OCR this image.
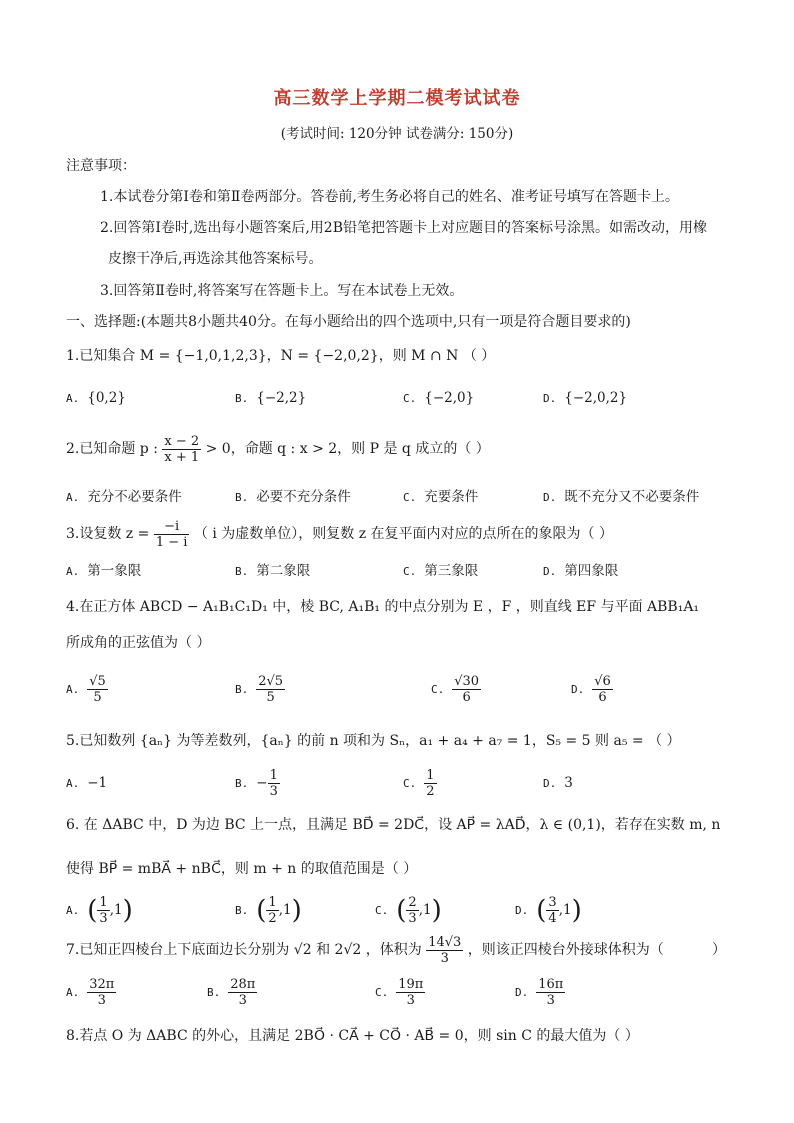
高三数学上学期二模考试试卷
(考试时间: 120分钟 试卷满分: 150分)
注意事项：
1.本试卷分第Ⅰ卷和第Ⅱ卷两部分。答卷前,考生务必将自己的姓名、准考证号填写在答题卡上。
2.回答第Ⅰ卷时,选出每小题答案后,用2B铅笔把答题卡上对应题目的答案标号涂黑。如需改动，用橡
皮擦干净后,再选涂其他答案标号。
3.回答第Ⅱ卷时,将答案写在答题卡上。写在本试卷上无效。
一、选择题:(本题共8小题共40分。在每小题给出的四个选项中,只有一项是符合题目要求的)
1.已知集合 M = {−1,0,1,2,3}，N = {−2,0,2}，则 M ∩ N （ ）
A. {0,2}	B. {−2,2}	C. {−2,0}	D. {−2,0,2}
2.已知命题 p : $\frac{x - 2}{x + 1} > 0$，命题 q : x > 2，则 P 是 q 成立的（ ）
A. 充分不必要条件	B. 必要不充分条件	C. 充要条件	D. 既不充分又不必要条件
3.设复数 $z = \frac{-i}{1 - i}$ （ i 为虚数单位），则复数 z 在复平面内对应的点所在的象限为（ ）
A. 第一象限	B. 第二象限	C. 第三象限	D. 第四象限
4.在正方体 ABCD − A₁B₁C₁D₁ 中，棱 BC, A₁B₁ 的中点分别为 E ，F ，则直线 EF 与平面 ABB₁A₁
所成角的正弦值为（ ）
A. $\frac{√5}{5}$	B. $\frac{2√5}{5}$	C. $\frac{√30}{6}$	D. $\frac{√6}{6}$
5.已知数列 {aₙ} 为等差数列，{aₙ} 的前 n 项和为 Sₙ，a₁ + a₄ + a₇ = 1，S₅ = 5 则 a₅ = （ ）
A. −1	B. − $\frac{1}{3}$	C. $\frac{1}{2}$	D. 3
6. 在 ΔABC 中，D 为边 BC 上一点，且满足 BD⃗ = 2DC⃗，设 AP⃗ = λAD⃗，λ ∈ (0,1)，若存在实数 m, n
使得 BP⃗ = mBA⃗ + nBC⃗，则 m + n 的取值范围是（ ）
A. ( $\frac{1}{3} ,1$)	B. ( $\frac{1}{2} ,1$)	C. ( $\frac{2}{3} ,1$)	D. ( $\frac{3}{4} ,1$)
7.已知正四棱台上下底面边长分别为 √2 和 2√2 ，体积为 $\frac{14√3}{3}$ ，则该正四棱台外接球体积为（	）
A. $\frac{32\pi}{3}$	B. $\frac{28\pi}{3}$	C. $\frac{19\pi}{3}$	D. $\frac{16\pi}{3}$
8.若点 O 为 ΔABC 的外心，且满足 2BO⃗ · CA⃗ + CO⃗ · AB⃗ = 0，则 sin C 的最大值为（ ）
